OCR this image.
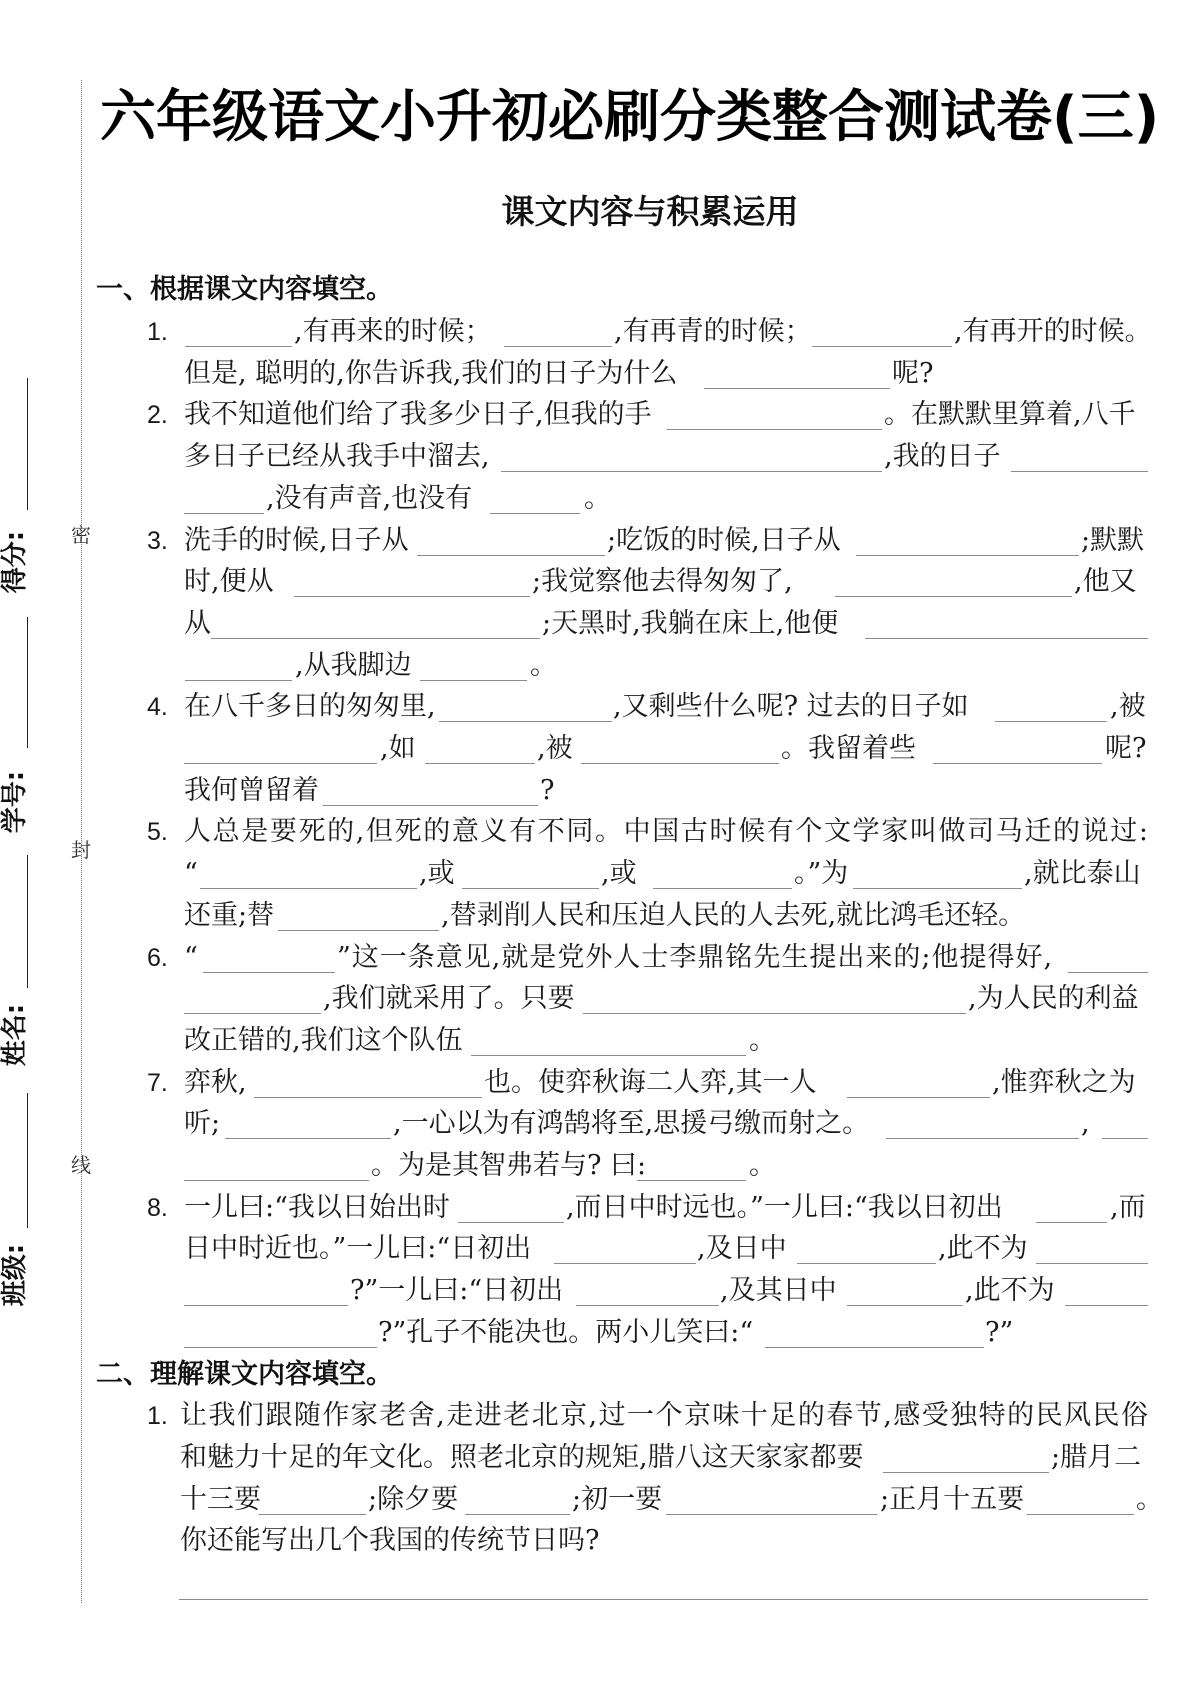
密
封
线
得分:
学号:
姓名:
班级:
六年级语文小升初必刷分类整合测试卷(三)
课文内容与积累运用
一、根据课文内容填空。
1.	,有再来的时候；	,有再青的时候；	,有再开的时候。
但是, 聪明的,你告诉我,我们的日子为什么	呢?
2. 我不知道他们给了我多少日子,但我的手	。在默默里算着,八千
多日子已经从我手中溜去,	,我的日子
,没有声音,也没有	。
3. 洗手的时候,日子从	;吃饭的时候,日子从	;默默
时,便从	;我觉察他去得匆匆了,	,他又
从	;天黑时,我躺在床上,他便
,从我脚边	。
4. 在八千多日的匆匆里,	,又剩些什么呢? 过去的日子如	,被
,如	,被	。我留着些	呢?
我何曾留着	?
5. 人总是要死的,但死的意义有不同。中国古时候有个文学家叫做司马迁的说过:
“	,或	,或	。”为	,就比泰山
还重;替	,替剥削人民和压迫人民的人去死,就比鸿毛还轻。
6. “	”这一条意见,就是党外人士李鼎铭先生提出来的;他提得好,
,我们就采用了。只要	,为人民的利益
改正错的,我们这个队伍	。
7. 弈秋,	也。使弈秋诲二人弈,其一人	,惟弈秋之为
听;	,一心以为有鸿鹄将至,思援弓缴而射之。	,
。为是其智弗若与? 曰:	。
8. 一儿曰:“我以日始出时	,而日中时远也。”一儿曰:“我以日初出	,而
日中时近也。”一儿曰:“日初出	,及日中	,此不为
?”一儿曰:“日初出	,及其日中	,此不为
?”孔子不能决也。两小儿笑曰:“	?”
二、理解课文内容填空。
1. 让我们跟随作家老舍,走进老北京,过一个京味十足的春节,感受独特的民风民俗
和魅力十足的年文化。照老北京的规矩,腊八这天家家都要	;腊月二
十三要	;除夕要	;初一要	;正月十五要	。
你还能写出几个我国的传统节日吗?
